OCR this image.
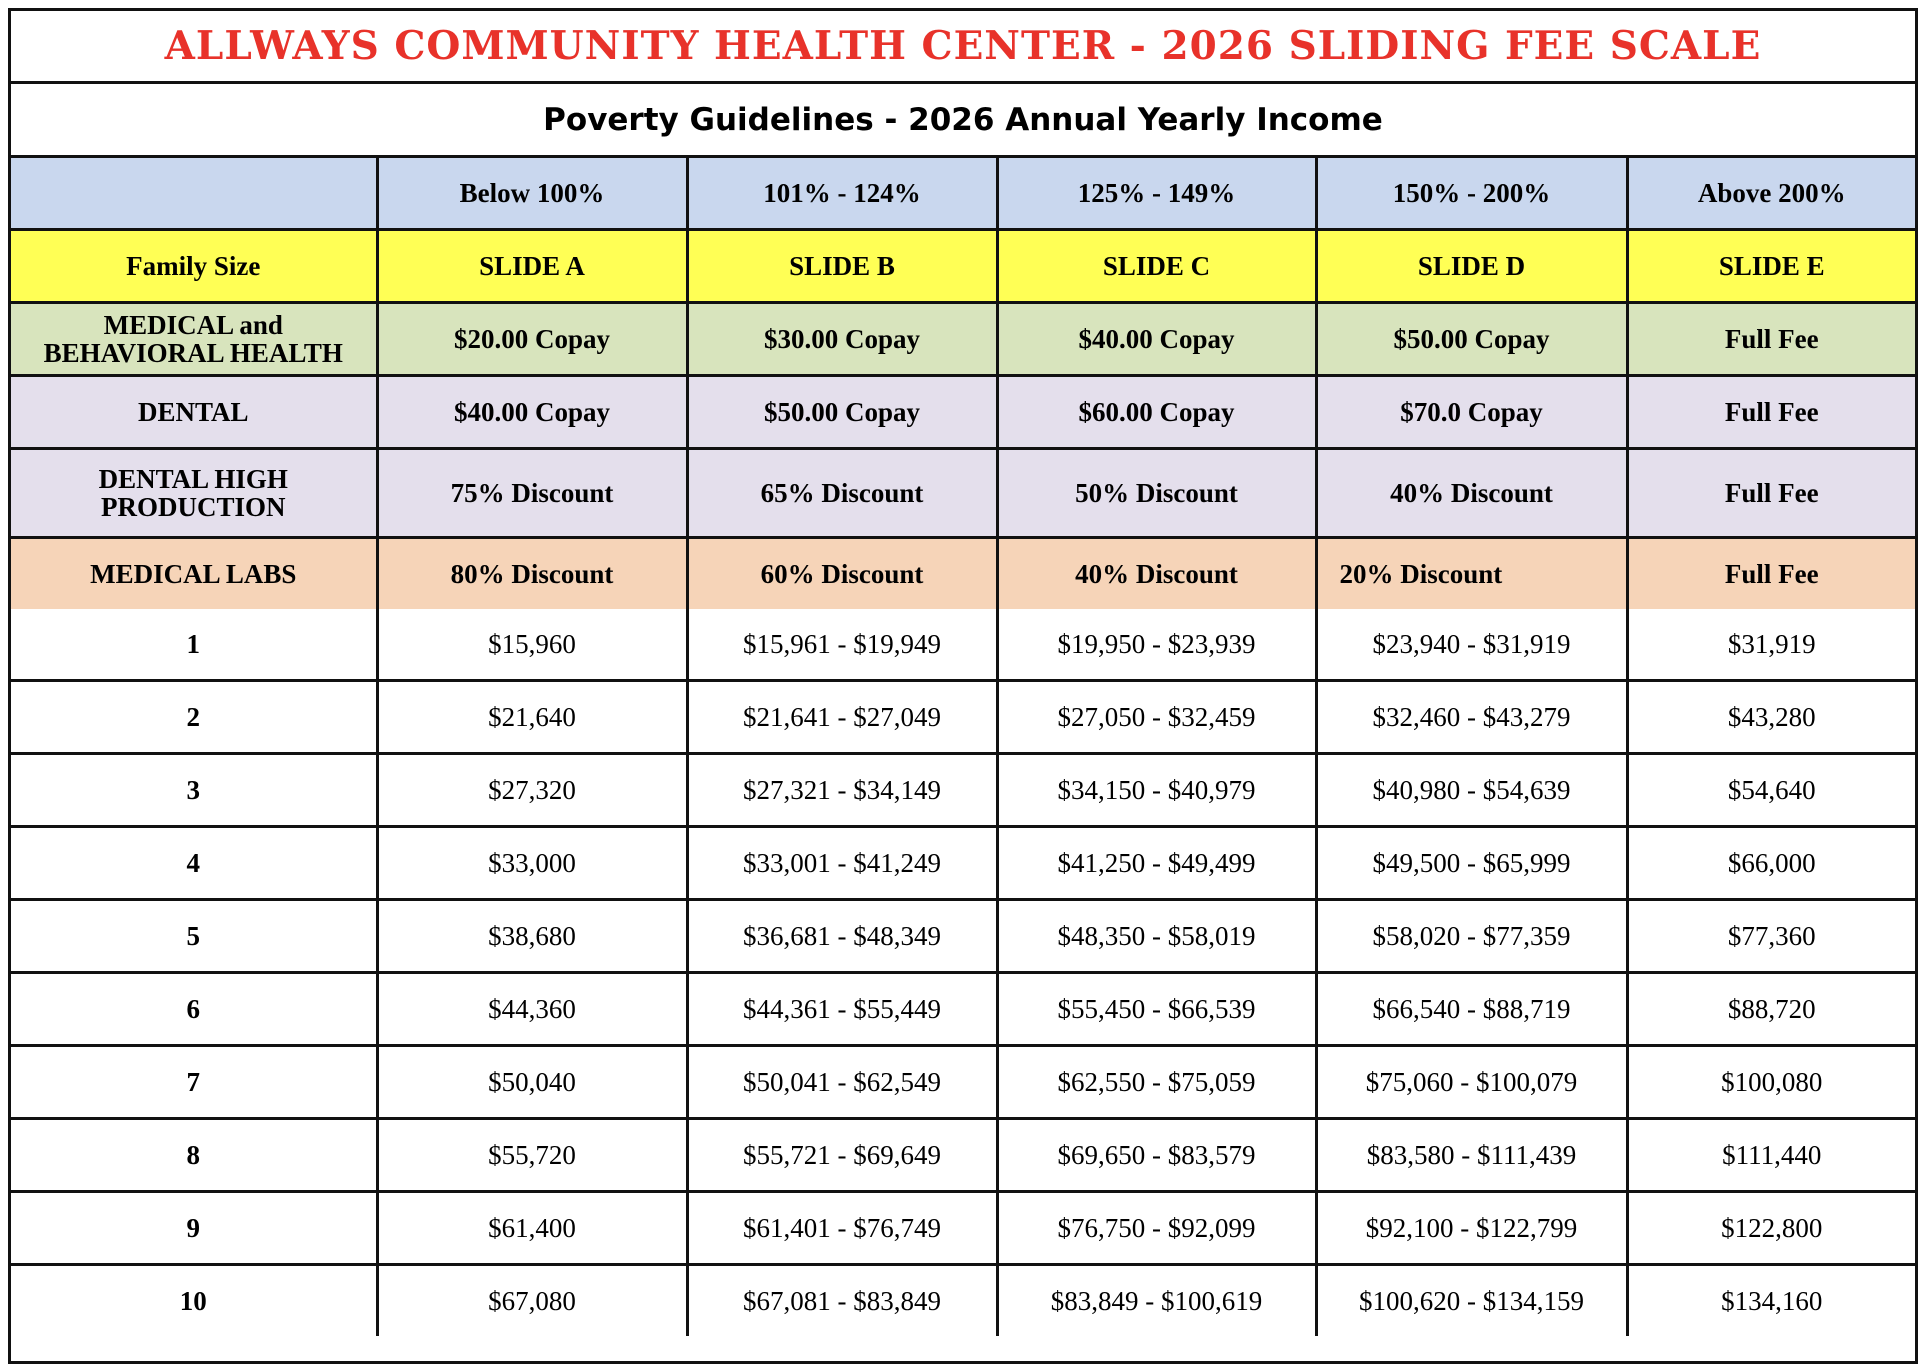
ALLWAYS COMMUNITY HEALTH CENTER - 2026 SLIDING FEE SCALE
Poverty Guidelines - 2026 Annual Yearly Income
	Below 100%	101% - 124%	125% - 149%	150% - 200%	Above 200%
Family Size	SLIDE A	SLIDE B	SLIDE C	SLIDE D	SLIDE E
MEDICAL and
BEHAVIORAL HEALTH	$20.00 Copay	$30.00 Copay	$40.00 Copay	$50.00 Copay	Full Fee
DENTAL	$40.00 Copay	$50.00 Copay	$60.00 Copay	$70.0 Copay	Full Fee
DENTAL HIGH
PRODUCTION	75% Discount	65% Discount	50% Discount	40% Discount	Full Fee
MEDICAL LABS	80% Discount	60% Discount	40% Discount	20% Discount	Full Fee
1	$15,960	$15,961 - $19,949	$19,950 - $23,939	$23,940 - $31,919	$31,919
2	$21,640	$21,641 - $27,049	$27,050 - $32,459	$32,460 - $43,279	$43,280
3	$27,320	$27,321 - $34,149	$34,150 - $40,979	$40,980 - $54,639	$54,640
4	$33,000	$33,001 - $41,249	$41,250 - $49,499	$49,500 - $65,999	$66,000
5	$38,680	$36,681 - $48,349	$48,350 - $58,019	$58,020 - $77,359	$77,360
6	$44,360	$44,361 - $55,449	$55,450 - $66,539	$66,540 - $88,719	$88,720
7	$50,040	$50,041 - $62,549	$62,550 - $75,059	$75,060 - $100,079	$100,080
8	$55,720	$55,721 - $69,649	$69,650 - $83,579	$83,580 - $111,439	$111,440
9	$61,400	$61,401 - $76,749	$76,750 - $92,099	$92,100 - $122,799	$122,800
10	$67,080	$67,081 - $83,849	$83,849 - $100,619	$100,620 - $134,159	$134,160
